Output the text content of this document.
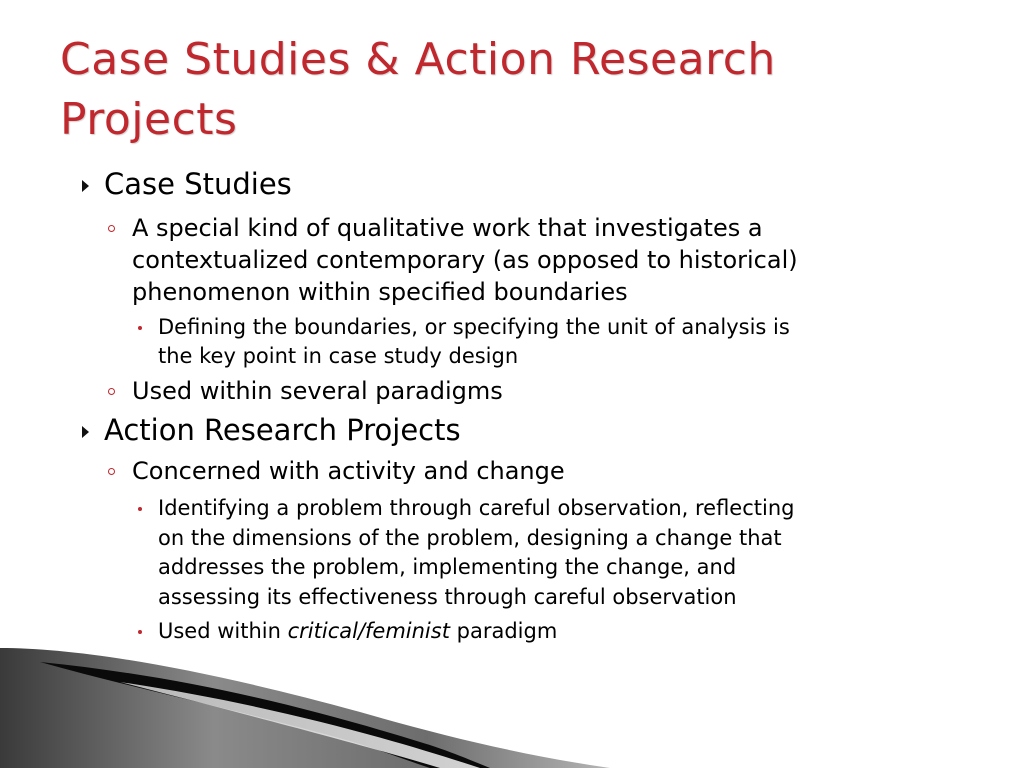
Case Studies & Action Research
Projects
Case Studies
A special kind of qualitative work that investigates a
contextualized contemporary (as opposed to historical)
phenomenon within specified boundaries
Defining the boundaries, or specifying the unit of analysis is
the key point in case study design
Used within several paradigms
Action Research Projects
Concerned with activity and change
Identifying a problem through careful observation, reflecting
on the dimensions of the problem, designing a change that
addresses the problem, implementing the change, and
assessing its effectiveness through careful observation
Used within critical/feminist paradigm
